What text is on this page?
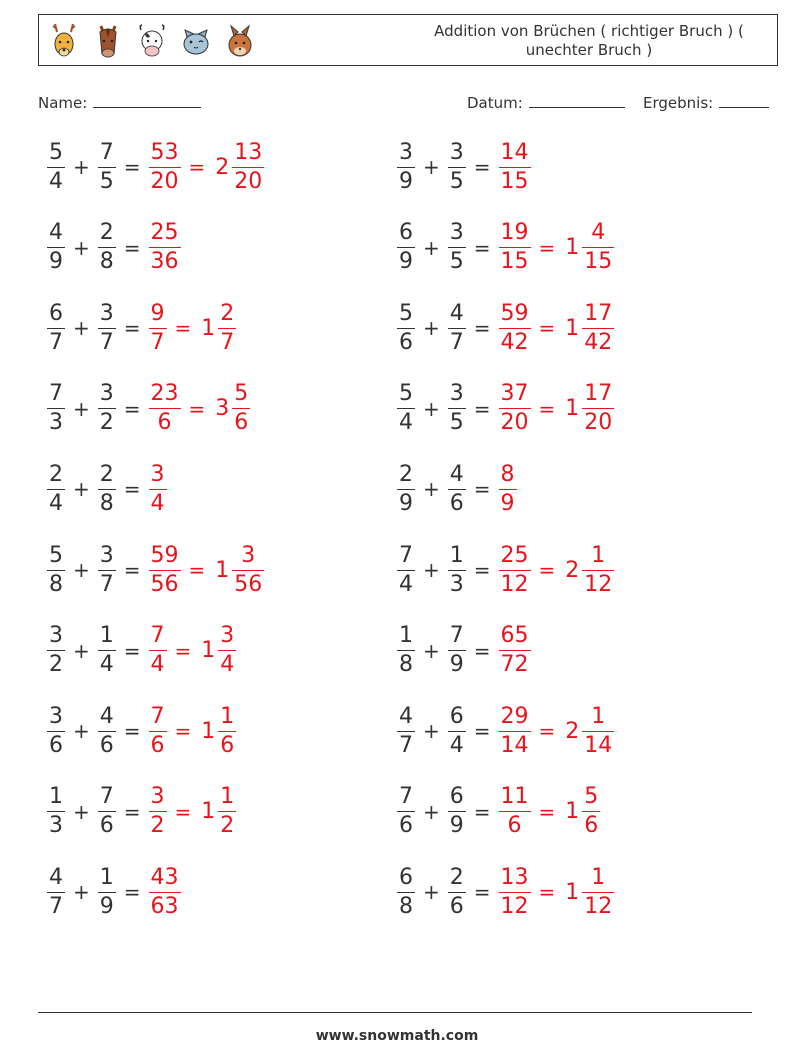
Addition von Brüchen ( richtiger Bruch ) ( unechter Bruch )
Name:	Datum:	Ergebnis:
$\frac{5}{4} + \frac{7}{5} = \frac{53}{20} = 2 \frac{13}{20}$
$\frac{4}{9} + \frac{2}{8} = \frac{25}{36}$
$\frac{6}{7} + \frac{3}{7} = \frac{9}{7} = 1 \frac{2}{7}$
$\frac{7}{3} + \frac{3}{2} = \frac{23}{6} = 3 \frac{5}{6}$
$\frac{2}{4} + \frac{2}{8} = \frac{3}{4}$
$\frac{5}{8} + \frac{3}{7} = \frac{59}{56} = 1 \frac{3}{56}$
$\frac{3}{2} + \frac{1}{4} = \frac{7}{4} = 1 \frac{3}{4}$
$\frac{3}{6} + \frac{4}{6} = \frac{7}{6} = 1 \frac{1}{6}$
$\frac{1}{3} + \frac{7}{6} = \frac{3}{2} = 1 \frac{1}{2}$
$\frac{4}{7} + \frac{1}{9} = \frac{43}{63}$
$\frac{3}{9} + \frac{3}{5} = \frac{14}{15}$
$\frac{6}{9} + \frac{3}{5} = \frac{19}{15} = 1 \frac{4}{15}$
$\frac{5}{6} + \frac{4}{7} = \frac{59}{42} = 1 \frac{17}{42}$
$\frac{5}{4} + \frac{3}{5} = \frac{37}{20} = 1 \frac{17}{20}$
$\frac{2}{9} + \frac{4}{6} = \frac{8}{9}$
$\frac{7}{4} + \frac{1}{3} = \frac{25}{12} = 2 \frac{1}{12}$
$\frac{1}{8} + \frac{7}{9} = \frac{65}{72}$
$\frac{4}{7} + \frac{6}{4} = \frac{29}{14} = 2 \frac{1}{14}$
$\frac{7}{6} + \frac{6}{9} = \frac{11}{6} = 1 \frac{5}{6}$
$\frac{6}{8} + \frac{2}{6} = \frac{13}{12} = 1 \frac{1}{12}$
www.snowmath.com
